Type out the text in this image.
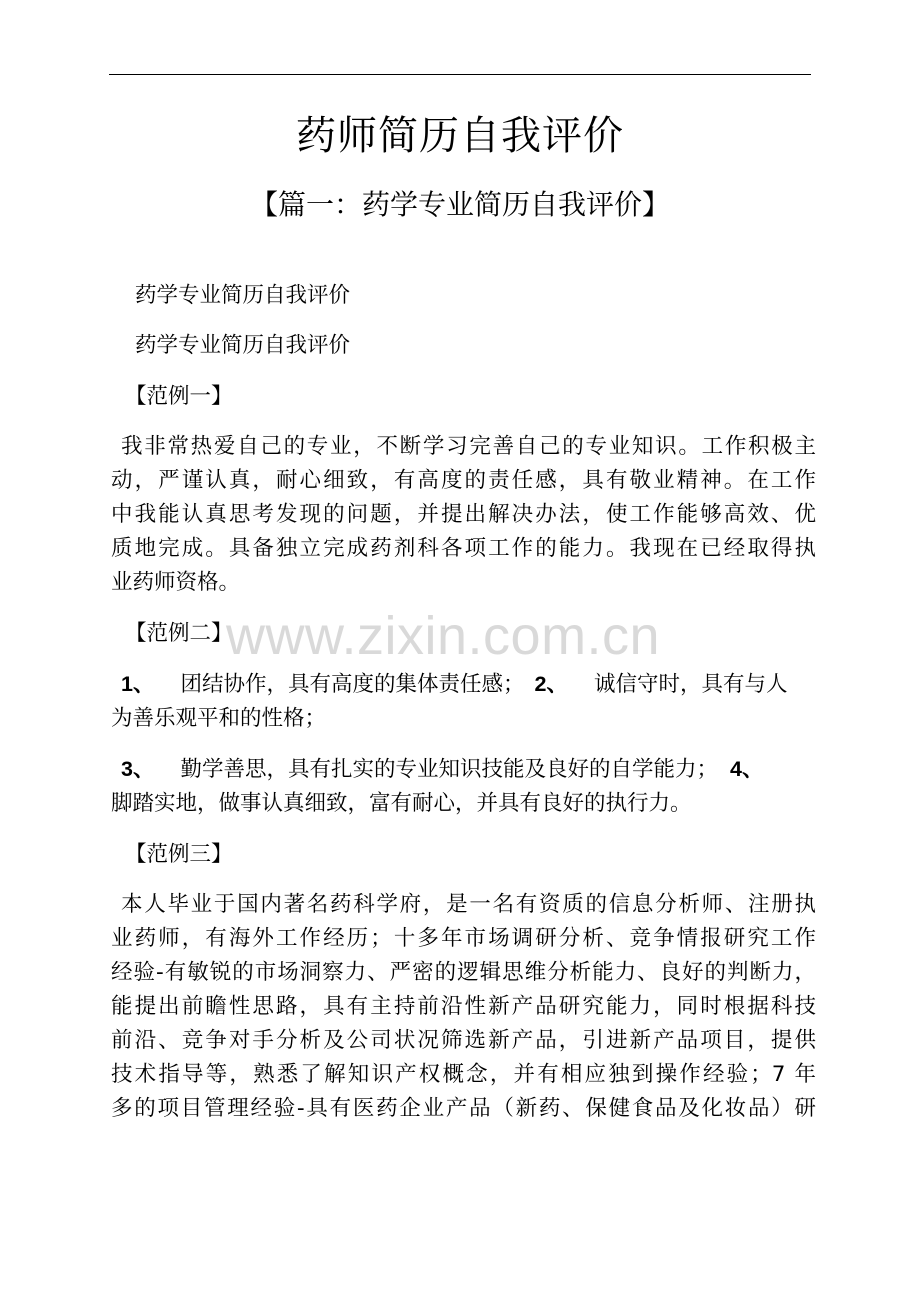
药师简历自我评价
【篇一：药学专业简历自我评价】
药学专业简历自我评价
药学专业简历自我评价
【范例一】
我非常热爱自己的专业，不断学习完善自己的专业知识。工作积极主
动，严谨认真，耐心细致，有高度的责任感，具有敬业精神。在工作
中我能认真思考发现的问题，并提出解决办法，使工作能够高效、优
质地完成。具备独立完成药剂科各项工作的能力。我现在已经取得执
业药师资格。
【范例二】
1、 团结协作，具有高度的集体责任感； 2、 诚信守时，具有与人
为善乐观平和的性格；
3、 勤学善思，具有扎实的专业知识技能及良好的自学能力； 4、
脚踏实地，做事认真细致，富有耐心，并具有良好的执行力。
【范例三】
本人毕业于国内著名药科学府，是一名有资质的信息分析师、注册执
业药师，有海外工作经历；十多年市场调研分析、竞争情报研究工作
经验-有敏锐的市场洞察力、严密的逻辑思维分析能力、良好的判断力，
能提出前瞻性思路，具有主持前沿性新产品研究能力，同时根据科技
前沿、竞争对手分析及公司状况筛选新产品，引进新产品项目，提供
技术指导等，熟悉了解知识产权概念，并有相应独到操作经验；7 年
多的项目管理经验-具有医药企业产品（新药、保健食品及化妆品）研
www.zixin.com.cn
